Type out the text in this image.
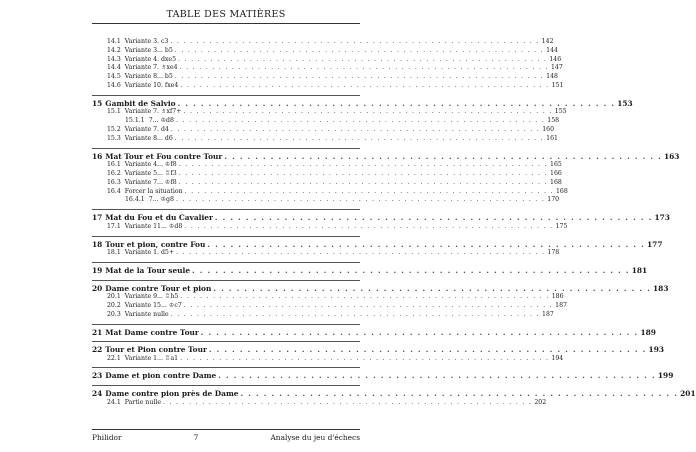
TABLE DES MATIÈRES
14.1 Variante 3. c3 . . . . . . . . . . . . . . . . . . . . . . . . . . . . . . . . . . . . . . . . . . . . . . . . . . . . . . . . . 142
14.2 Variante 3... b5 . . . . . . . . . . . . . . . . . . . . . . . . . . . . . . . . . . . . . . . . . . . . . . . . . . . . . . . . . 144
14.3 Variante 4. dxe5 . . . . . . . . . . . . . . . . . . . . . . . . . . . . . . . . . . . . . . . . . . . . . . . . . . . . . . . . . 146
14.4 Variante 7. ♗xe4 . . . . . . . . . . . . . . . . . . . . . . . . . . . . . . . . . . . . . . . . . . . . . . . . . . . . . . . . . 147
14.5 Variante 8... b5 . . . . . . . . . . . . . . . . . . . . . . . . . . . . . . . . . . . . . . . . . . . . . . . . . . . . . . . . . 148
14.6 Variante 10. fxe4 . . . . . . . . . . . . . . . . . . . . . . . . . . . . . . . . . . . . . . . . . . . . . . . . . . . . . . . . . 151
15 Gambit de Salvio . . . . . . . . . . . . . . . . . . . . . . . . . . . . . . . . . . . . . . . . . . . . . . . . . . . . . . . . . 153
15.1 Variante 7. ♗xf7+ . . . . . . . . . . . . . . . . . . . . . . . . . . . . . . . . . . . . . . . . . . . . . . . . . . . . . . . . . 155
15.1.1 7... ♔d8 . . . . . . . . . . . . . . . . . . . . . . . . . . . . . . . . . . . . . . . . . . . . . . . . . . . . . . . . . 158
15.2 Variante 7. d4 . . . . . . . . . . . . . . . . . . . . . . . . . . . . . . . . . . . . . . . . . . . . . . . . . . . . . . . . . 160
15.3 Variante 8... d6 . . . . . . . . . . . . . . . . . . . . . . . . . . . . . . . . . . . . . . . . . . . . . . . . . . . . . . . . . 161
16 Mat Tour et Fou contre Tour . . . . . . . . . . . . . . . . . . . . . . . . . . . . . . . . . . . . . . . . . . . . . . . . . . . . . . . . . 163
16.1 Variante 4... ♔f8 . . . . . . . . . . . . . . . . . . . . . . . . . . . . . . . . . . . . . . . . . . . . . . . . . . . . . . . . . 165
16.2 Variante 5... ♖f3 . . . . . . . . . . . . . . . . . . . . . . . . . . . . . . . . . . . . . . . . . . . . . . . . . . . . . . . . . 166
16.3 Variante 7... ♔f8 . . . . . . . . . . . . . . . . . . . . . . . . . . . . . . . . . . . . . . . . . . . . . . . . . . . . . . . . . 168
16.4 Forcer la situation . . . . . . . . . . . . . . . . . . . . . . . . . . . . . . . . . . . . . . . . . . . . . . . . . . . . . . . . . 168
16.4.1 7... ♔g8 . . . . . . . . . . . . . . . . . . . . . . . . . . . . . . . . . . . . . . . . . . . . . . . . . . . . . . . . . 170
17 Mat du Fou et du Cavalier . . . . . . . . . . . . . . . . . . . . . . . . . . . . . . . . . . . . . . . . . . . . . . . . . . . . . . . . . 173
17.1 Variante 11... ♔d8 . . . . . . . . . . . . . . . . . . . . . . . . . . . . . . . . . . . . . . . . . . . . . . . . . . . . . . . . . 175
18 Tour et pion, contre Fou . . . . . . . . . . . . . . . . . . . . . . . . . . . . . . . . . . . . . . . . . . . . . . . . . . . . . . . . . 177
18.1 Variante 1. d5+ . . . . . . . . . . . . . . . . . . . . . . . . . . . . . . . . . . . . . . . . . . . . . . . . . . . . . . . . . 178
19 Mat de la Tour seule . . . . . . . . . . . . . . . . . . . . . . . . . . . . . . . . . . . . . . . . . . . . . . . . . . . . . . . . . 181
20 Dame contre Tour et pion . . . . . . . . . . . . . . . . . . . . . . . . . . . . . . . . . . . . . . . . . . . . . . . . . . . . . . . . . 183
20.1 Variante 9... ♖h5 . . . . . . . . . . . . . . . . . . . . . . . . . . . . . . . . . . . . . . . . . . . . . . . . . . . . . . . . . 186
20.2 Variante 15... ♔c7 . . . . . . . . . . . . . . . . . . . . . . . . . . . . . . . . . . . . . . . . . . . . . . . . . . . . . . . . . 187
20.3 Variante nulle . . . . . . . . . . . . . . . . . . . . . . . . . . . . . . . . . . . . . . . . . . . . . . . . . . . . . . . . . 187
21 Mat Dame contre Tour . . . . . . . . . . . . . . . . . . . . . . . . . . . . . . . . . . . . . . . . . . . . . . . . . . . . . . . . . 189
22 Tour et Pion contre Tour . . . . . . . . . . . . . . . . . . . . . . . . . . . . . . . . . . . . . . . . . . . . . . . . . . . . . . . . . 193
22.1 Variante 1... ♖a1 . . . . . . . . . . . . . . . . . . . . . . . . . . . . . . . . . . . . . . . . . . . . . . . . . . . . . . . . . 194
23 Dame et pion contre Dame . . . . . . . . . . . . . . . . . . . . . . . . . . . . . . . . . . . . . . . . . . . . . . . . . . . . . . . . . 199
24 Dame contre pion près de Dame . . . . . . . . . . . . . . . . . . . . . . . . . . . . . . . . . . . . . . . . . . . . . . . . . . . . . . . . . 201
24.1 Partie nulle . . . . . . . . . . . . . . . . . . . . . . . . . . . . . . . . . . . . . . . . . . . . . . . . . . . . . . . . . 202
Philidor	7	Analyse du jeu d'échecs
